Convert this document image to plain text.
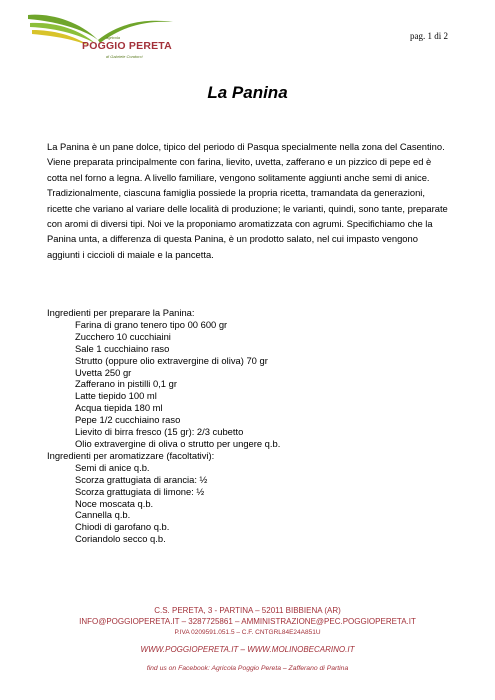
agricola
POGGIO PERETA
di Gabriele Condorci
pag. 1 di 2
La Panina

La Panina è un pane dolce, tipico del periodo di Pasqua specialmente nella zona del Casentino. Viene preparata principalmente con farina, lievito, uvetta, zafferano e un pizzico di pepe ed è cotta nel forno a legna. A livello familiare, vengono solitamente aggiunti anche semi di anice. Tradizionalmente, ciascuna famiglia possiede la propria ricetta, tramandata da generazioni, ricette che variano al variare delle località di produzione; le varianti, quindi, sono tante, preparate con aromi di diversi tipi. Noi ve la proponiamo aromatizzata con agrumi. Specifichiamo che la Panina unta, a differenza di questa Panina, è un prodotto salato, nel cui impasto vengono aggiunti i ciccioli di maiale e la pancetta.

Ingredienti per preparare la Panina:
Farina di grano tenero tipo 00 600 gr
Zucchero 10 cucchiaini
Sale 1 cucchiaino raso
Strutto (oppure olio extravergine di oliva) 70 gr
Uvetta 250 gr
Zafferano in pistilli 0,1 gr
Latte tiepido 100 ml
Acqua tiepida 180 ml
Pepe 1/2 cucchiaino raso
Lievito di birra fresco (15 gr): 2/3 cubetto
Olio extravergine di oliva o strutto per ungere q.b.
Ingredienti per aromatizzare (facoltativi):
Semi di anice q.b.
Scorza grattugiata di arancia: ½
Scorza grattugiata di limone: ½
Noce moscata q.b.
Cannella q.b.
Chiodi di garofano q.b.
Coriandolo secco q.b.
C.S. PERETA, 3 - PARTINA – 52011 BIBBIENA (AR)
INFO@POGGIOPERETA.IT – 3287725861 – AMMINISTRAZIONE@PEC.POGGIOPERETA.IT
P.IVA 0209591.051.5 – C.F. CNTGRL84E24A851U
WWW.POGGIOPERETA.IT – WWW.MOLINOBECARINO.IT
find us on Facebook: Agricola Poggio Pereta – Zafferano di Partina
